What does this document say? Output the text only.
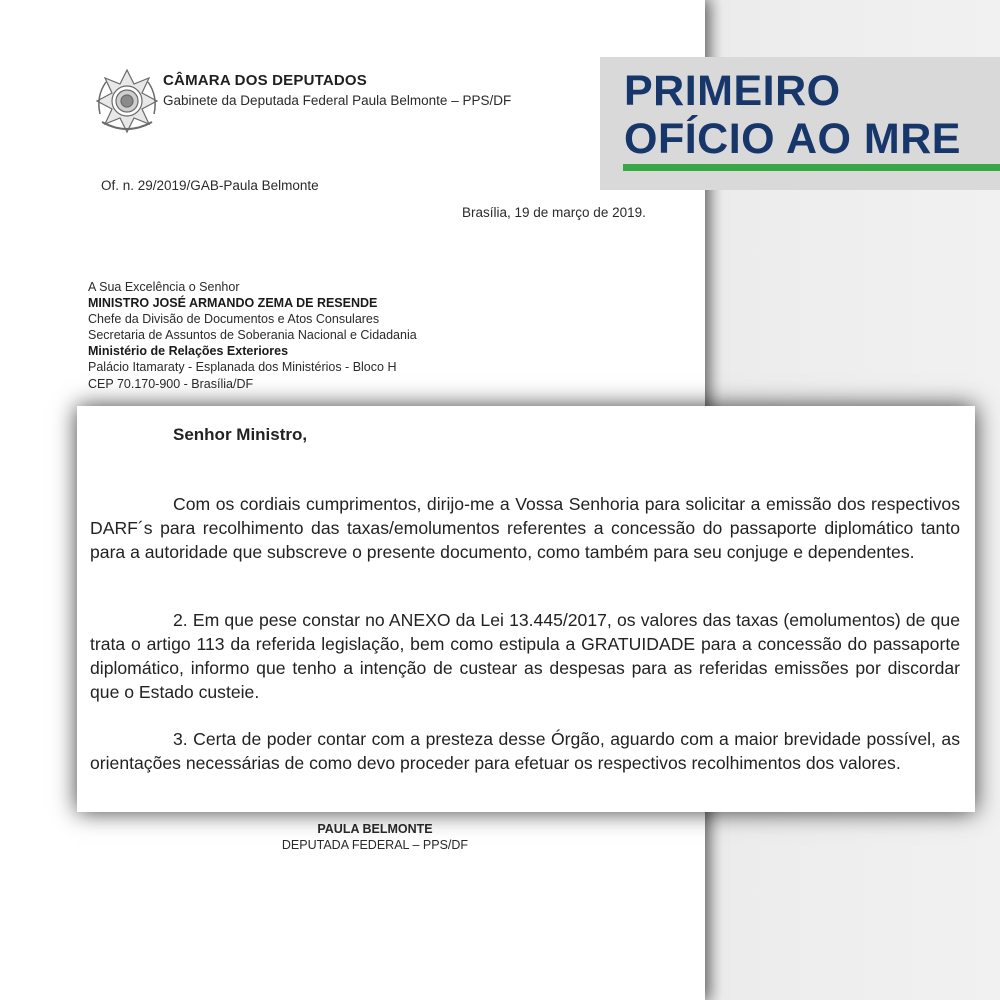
CÂMARA DOS DEPUTADOS
Gabinete da Deputada Federal Paula Belmonte – PPS/DF
Of. n. 29/2019/GAB-Paula Belmonte
Brasília, 19 de março de 2019.
A Sua Excelência o Senhor
MINISTRO JOSÉ ARMANDO ZEMA DE RESENDE
Chefe da Divisão de Documentos e Atos Consulares
Secretaria de Assuntos de Soberania Nacional e Cidadania
Ministério de Relações Exteriores
Palácio Itamaraty - Esplanada dos Ministérios - Bloco H
CEP 70.170-900 - Brasília/DF
PAULA BELMONTE
DEPUTADA FEDERAL – PPS/DF
PRIMEIRO
OFÍCIO AO MRE
Senhor Ministro,

Com os cordiais cumprimentos, dirijo-me a Vossa Senhoria para solicitar a emissão dos respectivos DARF´s para recolhimento das taxas/emolumentos referentes a concessão do passaporte diplomático tanto para a autoridade que subscreve o presente documento, como também para seu conjuge e dependentes.

2. Em que pese constar no ANEXO da Lei 13.445/2017, os valores das taxas (emolumentos) de que trata o artigo 113 da referida legislação, bem como estipula a GRATUIDADE para a concessão do passaporte diplomático, informo que tenho a intenção de custear as despesas para as referidas emissões por discordar que o Estado custeie.

3. Certa de poder contar com a presteza desse Órgão, aguardo com a maior brevidade possível, as orientações necessárias de como devo proceder para efetuar os respectivos recolhimentos dos valores.
